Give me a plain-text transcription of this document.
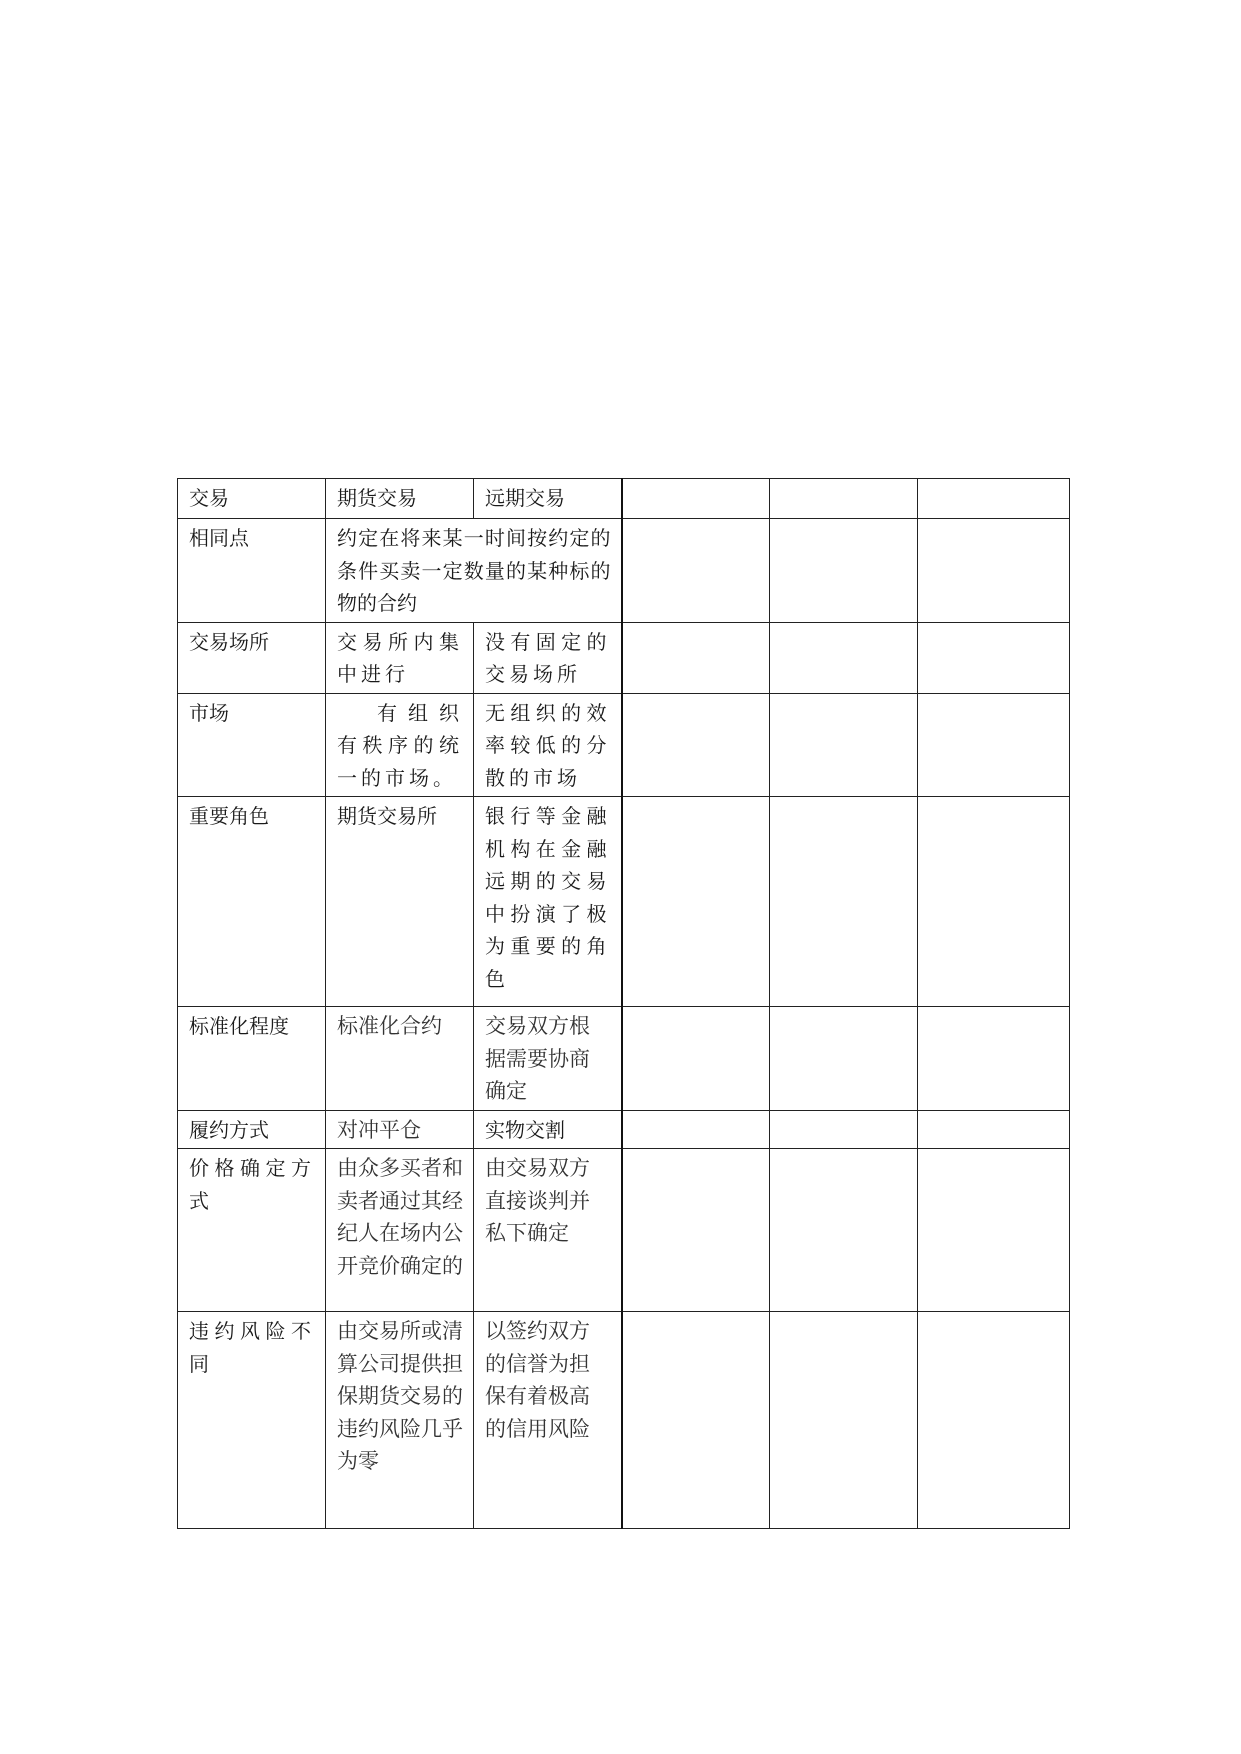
交易	期货交易	远期交易			
相同点	约定在将来某一时间按约定的条件买卖一定数量的某种标的物的合约				
交易场所	交易所内集中进行	没有固定的交易场所			
市场	有组织有秩序的统一的市场。	无组织的效率较低的分散的市场			
重要角色	期货交易所	银行等金融机构在金融远期的交易中扮演了极为重要的角色			
标准化程度	标准化合约	交易双方根据需要协商确定			
履约方式	对冲平仓	实物交割			
价格确定方式	由众多买者和卖者通过其经纪人在场内公开竞价确定的	由交易双方直接谈判并私下确定			
违约风险不同	由交易所或清算公司提供担保期货交易的违约风险几乎为零	以签约双方的信誉为担保有着极高的信用风险			
